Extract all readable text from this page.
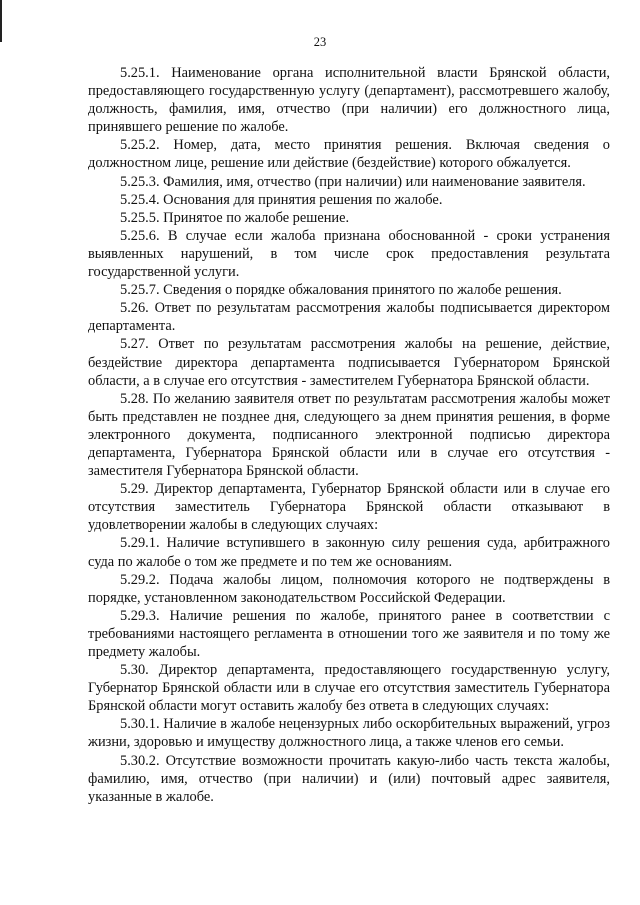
23

5.25.1. Наименование органа исполнительной власти Брянской области, предоставляющего государственную услугу (департамент), рассмотревшего жалобу, должность, фамилия, имя, отчество (при наличии) его должностного лица, принявшего решение по жалобе.

5.25.2. Номер, дата, место принятия решения. Включая сведения о должностном лице, решение или действие (бездействие) которого обжалуется.

5.25.3. Фамилия, имя, отчество (при наличии) или наименование заявителя.

5.25.4. Основания для принятия решения по жалобе.

5.25.5. Принятое по жалобе решение.

5.25.6. В случае если жалоба признана обоснованной - сроки устранения выявленных нарушений, в том числе срок предоставления результата государственной услуги.

5.25.7. Сведения о порядке обжалования принятого по жалобе решения.

5.26. Ответ по результатам рассмотрения жалобы подписывается директором департамента.

5.27. Ответ по результатам рассмотрения жалобы на решение, действие, бездействие директора департамента подписывается Губернатором Брянской области, а в случае его отсутствия - заместителем Губернатора Брянской области.

5.28. По желанию заявителя ответ по результатам рассмотрения жалобы может быть представлен не позднее дня, следующего за днем принятия решения, в форме электронного документа, подписанного электронной подписью директора департамента, Губернатора Брянской области или в случае его отсутствия - заместителя Губернатора Брянской области.

5.29. Директор департамента, Губернатор Брянской области или в случае его отсутствия заместитель Губернатора Брянской области отказывают в удовлетворении жалобы в следующих случаях:

5.29.1. Наличие вступившего в законную силу решения суда, арбитражного суда по жалобе о том же предмете и по тем же основаниям.

5.29.2. Подача жалобы лицом, полномочия которого не подтверждены в порядке, установленном законодательством Российской Федерации.

5.29.3. Наличие решения по жалобе, принятого ранее в соответствии с требованиями настоящего регламента в отношении того же заявителя и по тому же предмету жалобы.

5.30. Директор департамента, предоставляющего государственную услугу, Губернатор Брянской области или в случае его отсутствия заместитель Губернатора Брянской области могут оставить жалобу без ответа в следующих случаях:

5.30.1. Наличие в жалобе нецензурных либо оскорбительных выражений, угроз жизни, здоровью и имуществу должностного лица, а также членов его семьи.

5.30.2. Отсутствие возможности прочитать какую-либо часть текста жалобы, фамилию, имя, отчество (при наличии) и (или) почтовый адрес заявителя, указанные в жалобе.
